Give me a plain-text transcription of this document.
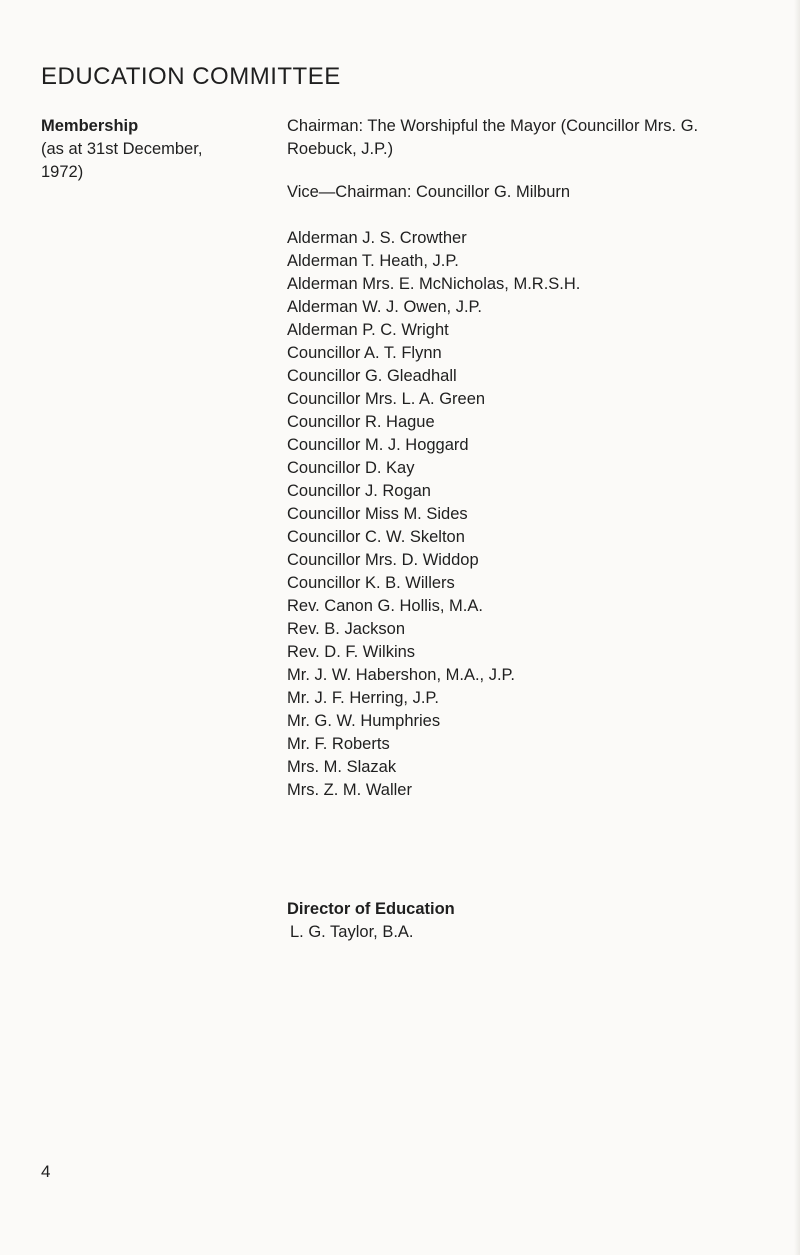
EDUCATION COMMITTEE
Membership
(as at 31st December,
1972)
Chairman: The Worshipful the Mayor (Councillor Mrs. G.
Roebuck, J.P.)
Vice—Chairman: Councillor G. Milburn
Alderman J. S. Crowther
Alderman T. Heath, J.P.
Alderman Mrs. E. McNicholas, M.R.S.H.
Alderman W. J. Owen, J.P.
Alderman P. C. Wright
Councillor A. T. Flynn
Councillor G. Gleadhall
Councillor Mrs. L. A. Green
Councillor R. Hague
Councillor M. J. Hoggard
Councillor D. Kay
Councillor J. Rogan
Councillor Miss M. Sides
Councillor C. W. Skelton
Councillor Mrs. D. Widdop
Councillor K. B. Willers
Rev. Canon G. Hollis, M.A.
Rev. B. Jackson
Rev. D. F. Wilkins
Mr. J. W. Habershon, M.A., J.P.
Mr. J. F. Herring, J.P.
Mr. G. W. Humphries
Mr. F. Roberts
Mrs. M. Slazak
Mrs. Z. M. Waller
Director of Education
L. G. Taylor, B.A.
4
